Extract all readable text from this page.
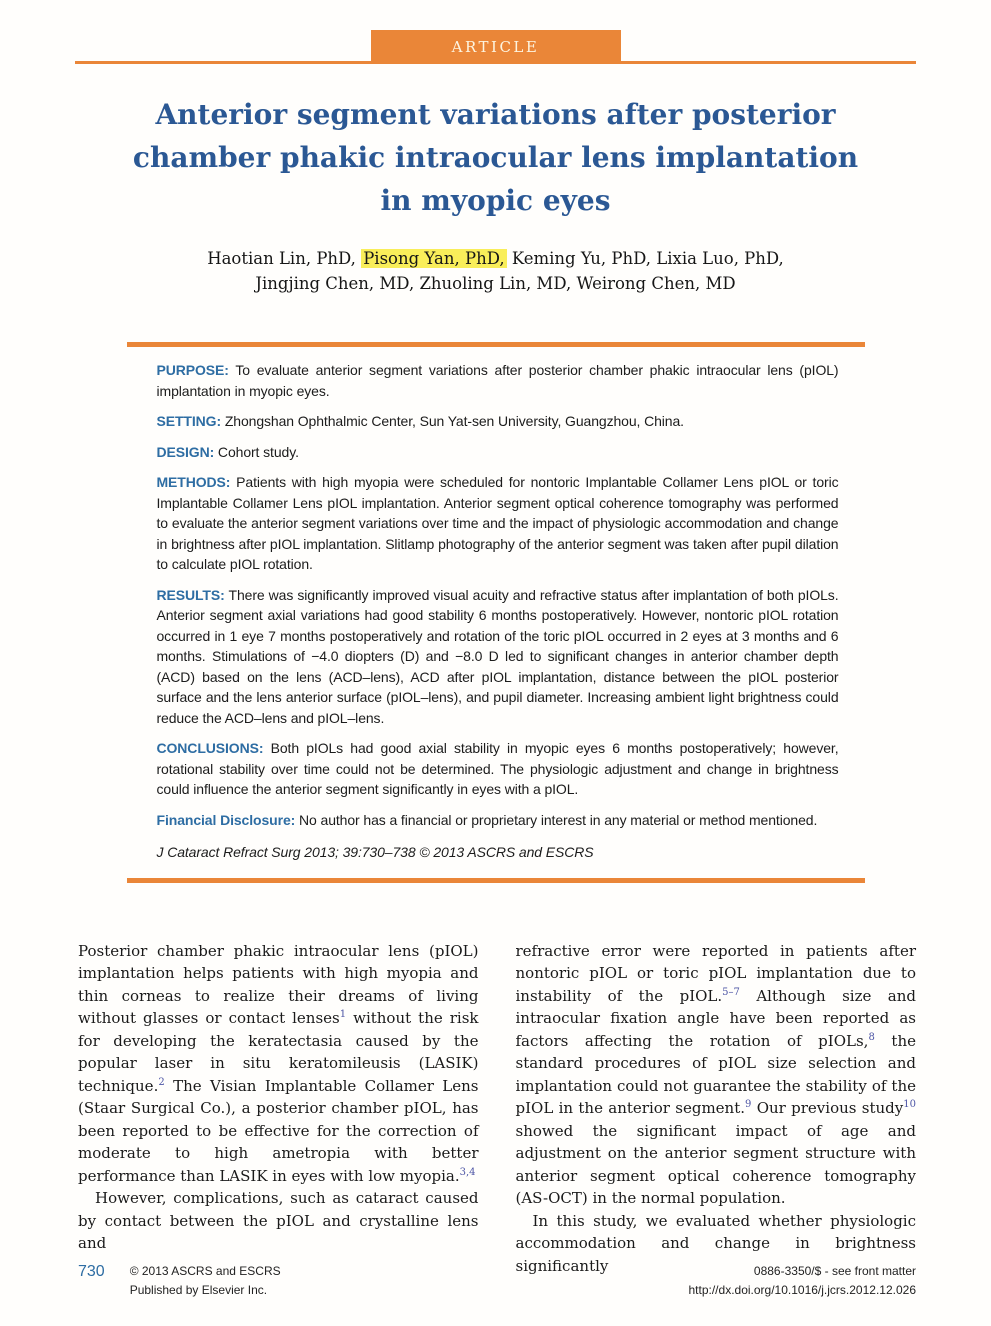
ARTICLE
Anterior segment variations after posterior
chamber phakic intraocular lens implantation
in myopic eyes
Haotian Lin, PhD, Pisong Yan, PhD, Keming Yu, PhD, Lixia Luo, PhD,
Jingjing Chen, MD, Zhuoling Lin, MD, Weirong Chen, MD
PURPOSE: To evaluate anterior segment variations after posterior chamber phakic intraocular lens (pIOL) implantation in myopic eyes.
SETTING: Zhongshan Ophthalmic Center, Sun Yat-sen University, Guangzhou, China.
DESIGN: Cohort study.
METHODS: Patients with high myopia were scheduled for nontoric Implantable Collamer Lens pIOL or toric Implantable Collamer Lens pIOL implantation. Anterior segment optical coherence tomography was performed to evaluate the anterior segment variations over time and the impact of physiologic accommodation and change in brightness after pIOL implantation. Slitlamp photography of the anterior segment was taken after pupil dilation to calculate pIOL rotation.
RESULTS: There was significantly improved visual acuity and refractive status after implantation of both pIOLs. Anterior segment axial variations had good stability 6 months postoperatively. However, nontoric pIOL rotation occurred in 1 eye 7 months postoperatively and rotation of the toric pIOL occurred in 2 eyes at 3 months and 6 months. Stimulations of −4.0 diopters (D) and −8.0 D led to significant changes in anterior chamber depth (ACD) based on the lens (ACD–lens), ACD after pIOL implantation, distance between the pIOL posterior surface and the lens anterior surface (pIOL–lens), and pupil diameter. Increasing ambient light brightness could reduce the ACD–lens and pIOL–lens.
CONCLUSIONS: Both pIOLs had good axial stability in myopic eyes 6 months postoperatively; however, rotational stability over time could not be determined. The physiologic adjustment and change in brightness could influence the anterior segment significantly in eyes with a pIOL.
Financial Disclosure: No author has a financial or proprietary interest in any material or method mentioned.
J Cataract Refract Surg 2013; 39:730–738 © 2013 ASCRS and ESCRS

Posterior chamber phakic intraocular lens (pIOL) implantation helps patients with high myopia and thin corneas to realize their dreams of living without glasses or contact lenses$^1$ without the risk for developing the keratectasia caused by the popular laser in situ keratomileusis (LASIK) technique.$^2$ The Visian Implantable Collamer Lens (Staar Surgical Co.), a posterior chamber pIOL, has been reported to be effective for the correction of moderate to high ametropia with better performance than LASIK in eyes with low myopia.$^{3,4}$

However, complications, such as cataract caused by contact between the pIOL and crystalline lens and

refractive error were reported in patients after nontoric pIOL or toric pIOL implantation due to instability of the pIOL.$^{5-7}$ Although size and intraocular fixation angle have been reported as factors affecting the rotation of pIOLs,$^8$ the standard procedures of pIOL size selection and implantation could not guarantee the stability of the pIOL in the anterior segment.$^9$ Our previous study$^{10}$ showed the significant impact of age and adjustment on the anterior segment structure with anterior segment optical coherence tomography (AS-OCT) in the normal population.

In this study, we evaluated whether physiologic accommodation and change in brightness significantly

730 © 2013 ASCRS and ESCRS
Published by Elsevier Inc.
0886-3350/$ - see front matter
http://dx.doi.org/10.1016/j.jcrs.2012.12.026
